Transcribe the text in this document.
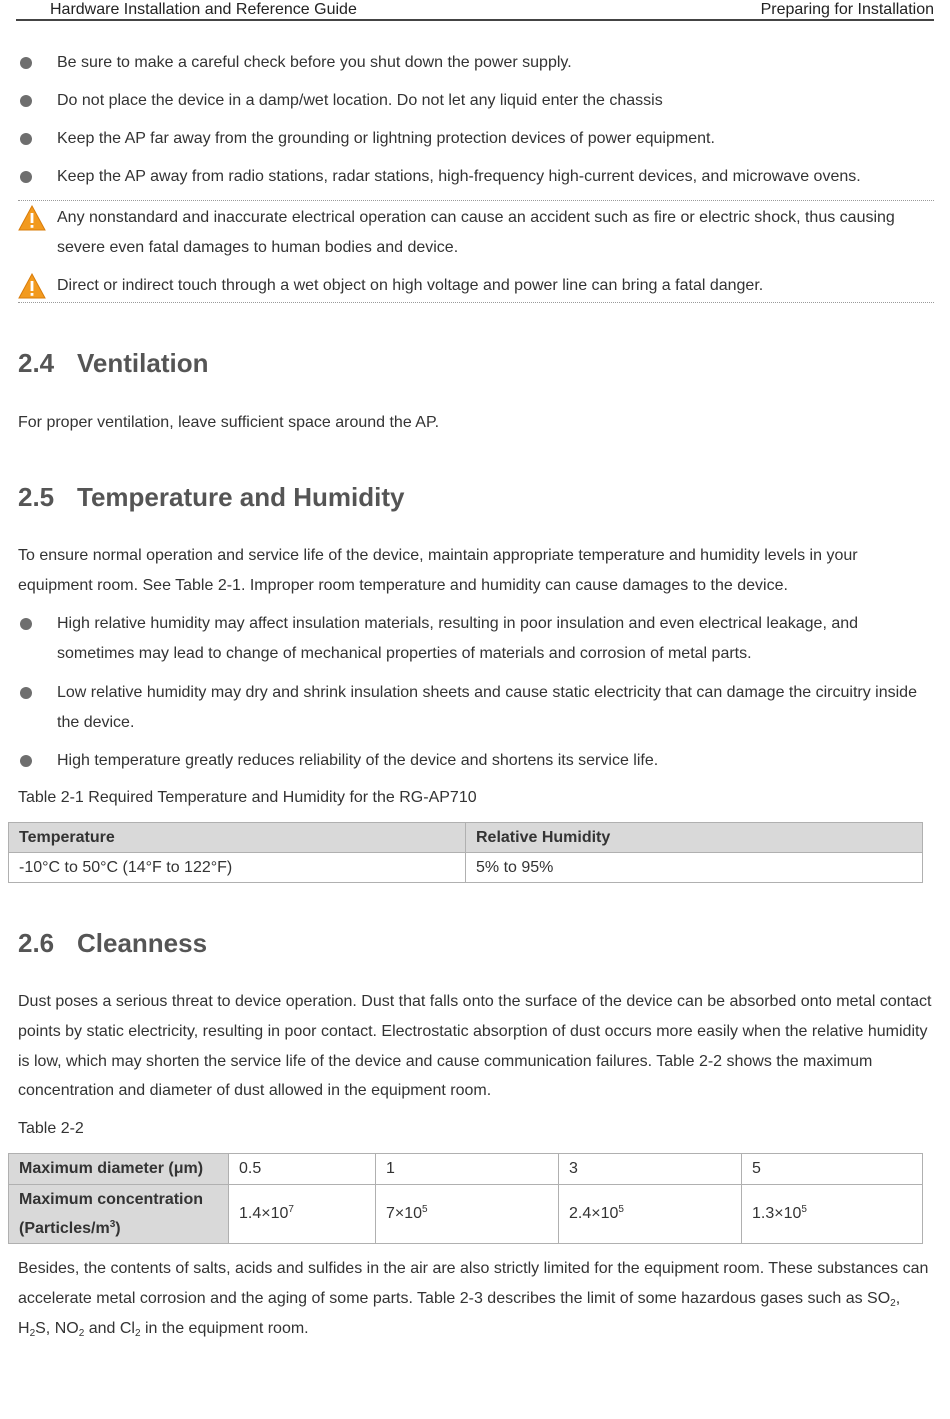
Hardware Installation and Reference Guide	Preparing for Installation
Be sure to make a careful check before you shut down the power supply.
Do not place the device in a damp/wet location. Do not let any liquid enter the chassis
Keep the AP far away from the grounding or lightning protection devices of power equipment.
Keep the AP away from radio stations, radar stations, high-frequency high-current devices, and microwave ovens.
Any nonstandard and inaccurate electrical operation can cause an accident such as fire or electric shock, thus causing severe even fatal damages to human bodies and device.
Direct or indirect touch through a wet object on high voltage and power line can bring a fatal danger.
2.4 Ventilation
For proper ventilation, leave sufficient space around the AP.
2.5 Temperature and Humidity
To ensure normal operation and service life of the device, maintain appropriate temperature and humidity levels in your equipment room. See Table 2-1. Improper room temperature and humidity can cause damages to the device.
High relative humidity may affect insulation materials, resulting in poor insulation and even electrical leakage, and sometimes may lead to change of mechanical properties of materials and corrosion of metal parts.
Low relative humidity may dry and shrink insulation sheets and cause static electricity that can damage the circuitry inside the device.
High temperature greatly reduces reliability of the device and shortens its service life.
Table 2-1 Required Temperature and Humidity for the RG-AP710
Temperature	Relative Humidity
-10°C to 50°C (14°F to 122°F)	5% to 95%
2.6 Cleanness
Dust poses a serious threat to device operation. Dust that falls onto the surface of the device can be absorbed onto metal contact points by static electricity, resulting in poor contact. Electrostatic absorption of dust occurs more easily when the relative humidity is low, which may shorten the service life of the device and cause communication failures. Table 2-2 shows the maximum concentration and diameter of dust allowed in the equipment room.
Table 2-2
Maximum diameter (μm)	0.5	1	3	5
Maximum concentration
$(Particles/m^3)$	$1.4\times 10^7$	$7\times 10^5$	$2.4\times 10^5$	$1.3\times 10^5$
Besides, the contents of salts, acids and sulfides in the air are also strictly limited for the equipment room. These substances can accelerate metal corrosion and the aging of some parts. Table 2-3 describes the limit of some hazardous gases such as $SO_2$, $H_2S$, $NO_2$ and $Cl_2$ in the equipment room.
